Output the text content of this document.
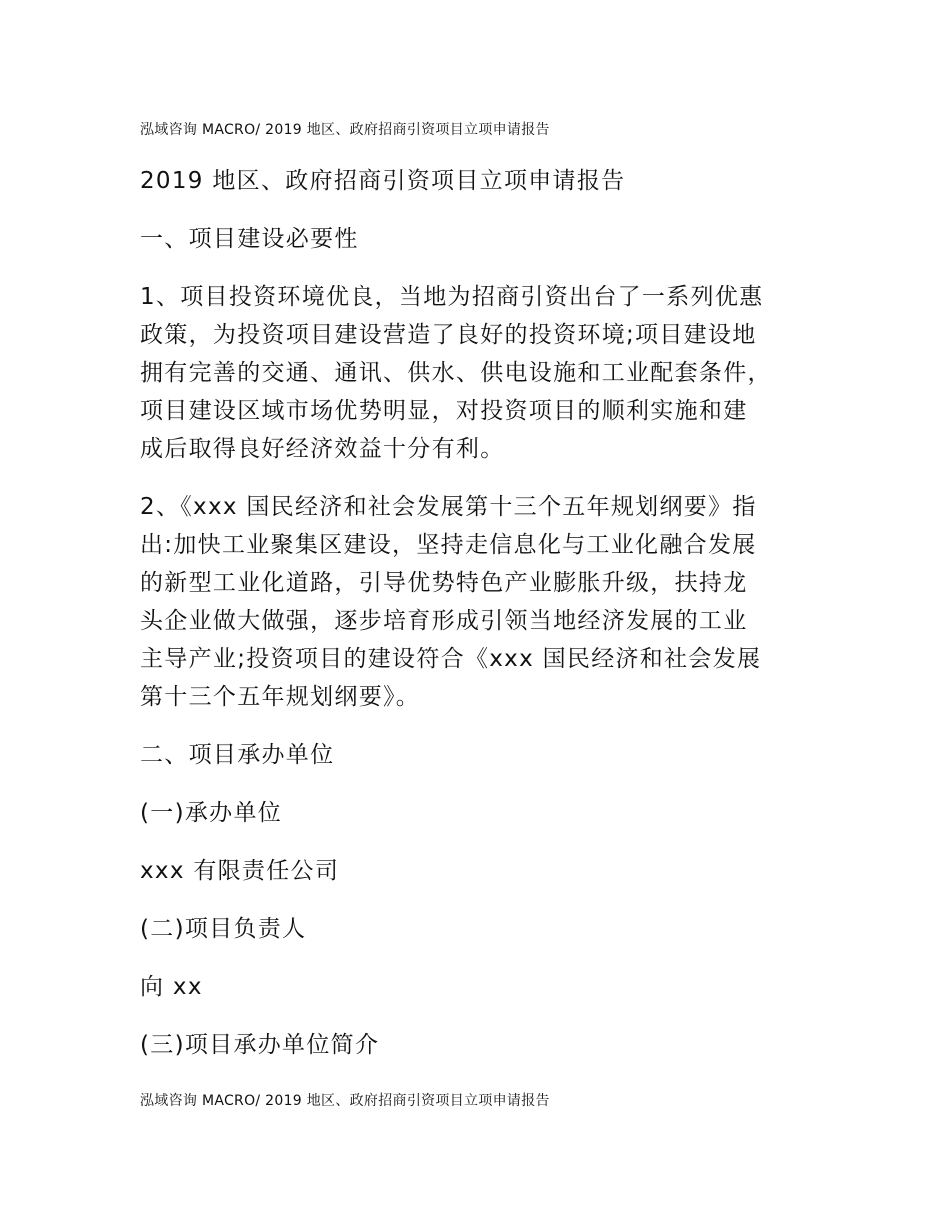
泓域咨询 MACRO/ 2019 地区、政府招商引资项目立项申请报告

2019 地区、政府招商引资项目立项申请报告

一、项目建设必要性

1、项目投资环境优良，当地为招商引资出台了一系列优惠

政策，为投资项目建设营造了良好的投资环境;项目建设地

拥有完善的交通、通讯、供水、供电设施和工业配套条件，

项目建设区域市场优势明显，对投资项目的顺利实施和建

成后取得良好经济效益十分有利。

2、《xxx 国民经济和社会发展第十三个五年规划纲要》指

出:加快工业聚集区建设，坚持走信息化与工业化融合发展

的新型工业化道路，引导优势特色产业膨胀升级，扶持龙

头企业做大做强，逐步培育形成引领当地经济发展的工业

主导产业;投资项目的建设符合《xxx 国民经济和社会发展

第十三个五年规划纲要》。

二、项目承办单位

(一)承办单位

xxx 有限责任公司

(二)项目负责人

向 xx

(三)项目承办单位简介

泓域咨询 MACRO/ 2019 地区、政府招商引资项目立项申请报告
